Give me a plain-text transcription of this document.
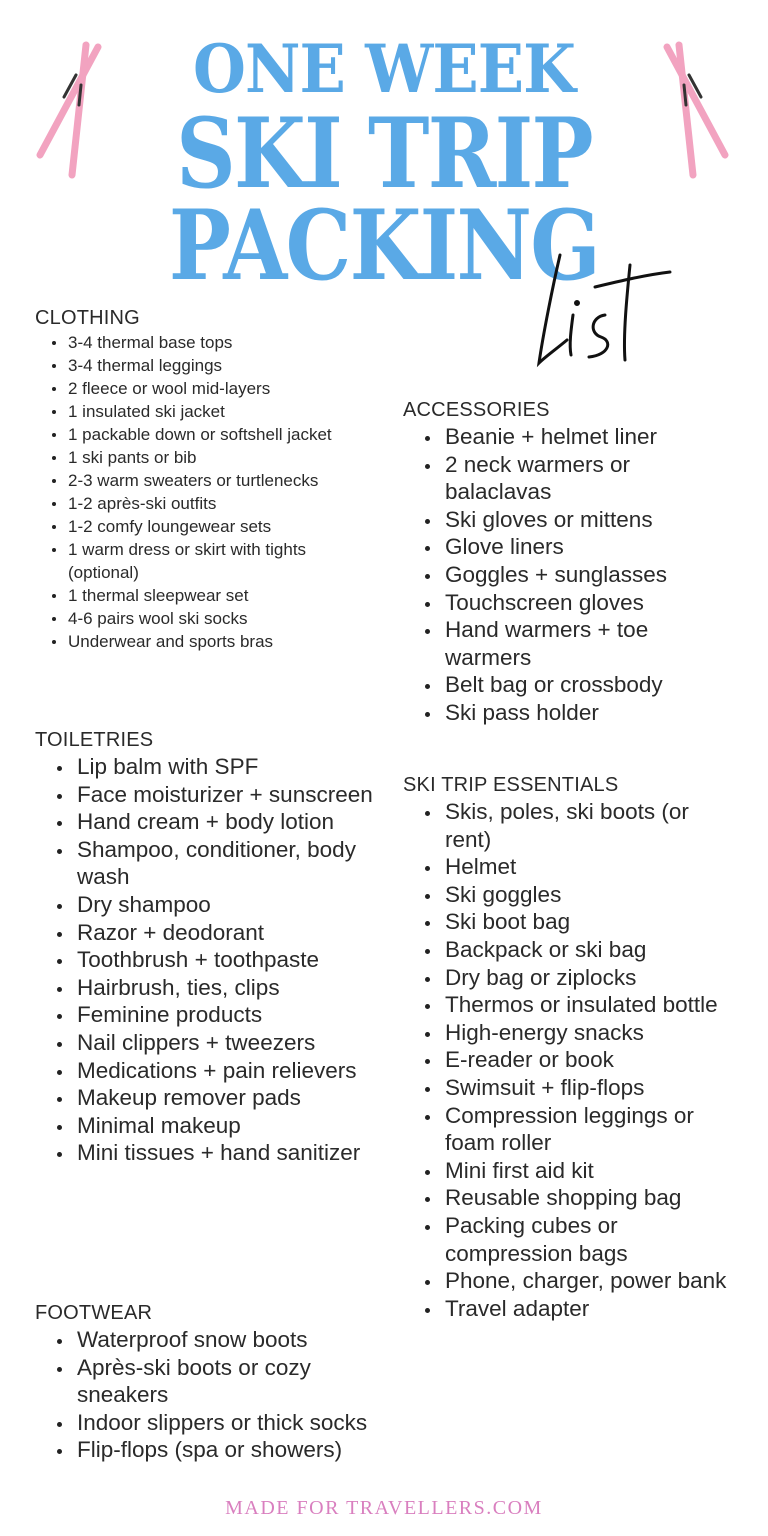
ONE WEEK
SKI TRIP
PACKING
CLOTHING
3-4 thermal base tops
3-4 thermal leggings
2 fleece or wool mid-layers
1 insulated ski jacket
1 packable down or softshell jacket
1 ski pants or bib
2-3 warm sweaters or turtlenecks
1-2 après-ski outfits
1-2 comfy loungewear sets
1 warm dress or skirt with tights (optional)
1 thermal sleepwear set
4-6 pairs wool ski socks
Underwear and sports bras
TOILETRIES
Lip balm with SPF
Face moisturizer + sunscreen
Hand cream + body lotion
Shampoo, conditioner, body wash
Dry shampoo
Razor + deodorant
Toothbrush + toothpaste
Hairbrush, ties, clips
Feminine products
Nail clippers + tweezers
Medications + pain relievers
Makeup remover pads
Minimal makeup
Mini tissues + hand sanitizer
FOOTWEAR
Waterproof snow boots
Après-ski boots or cozy sneakers
Indoor slippers or thick socks
Flip-flops (spa or showers)
ACCESSORIES
Beanie + helmet liner
2 neck warmers or balaclavas
Ski gloves or mittens
Glove liners
Goggles + sunglasses
Touchscreen gloves
Hand warmers + toe warmers
Belt bag or crossbody
Ski pass holder
SKI TRIP ESSENTIALS
Skis, poles, ski boots (or rent)
Helmet
Ski goggles
Ski boot bag
Backpack or ski bag
Dry bag or ziplocks
Thermos or insulated bottle
High-energy snacks
E-reader or book
Swimsuit + flip-flops
Compression leggings or foam roller
Mini first aid kit
Reusable shopping bag
Packing cubes or compression bags
Phone, charger, power bank
Travel adapter
MADE FOR TRAVELLERS.COM
